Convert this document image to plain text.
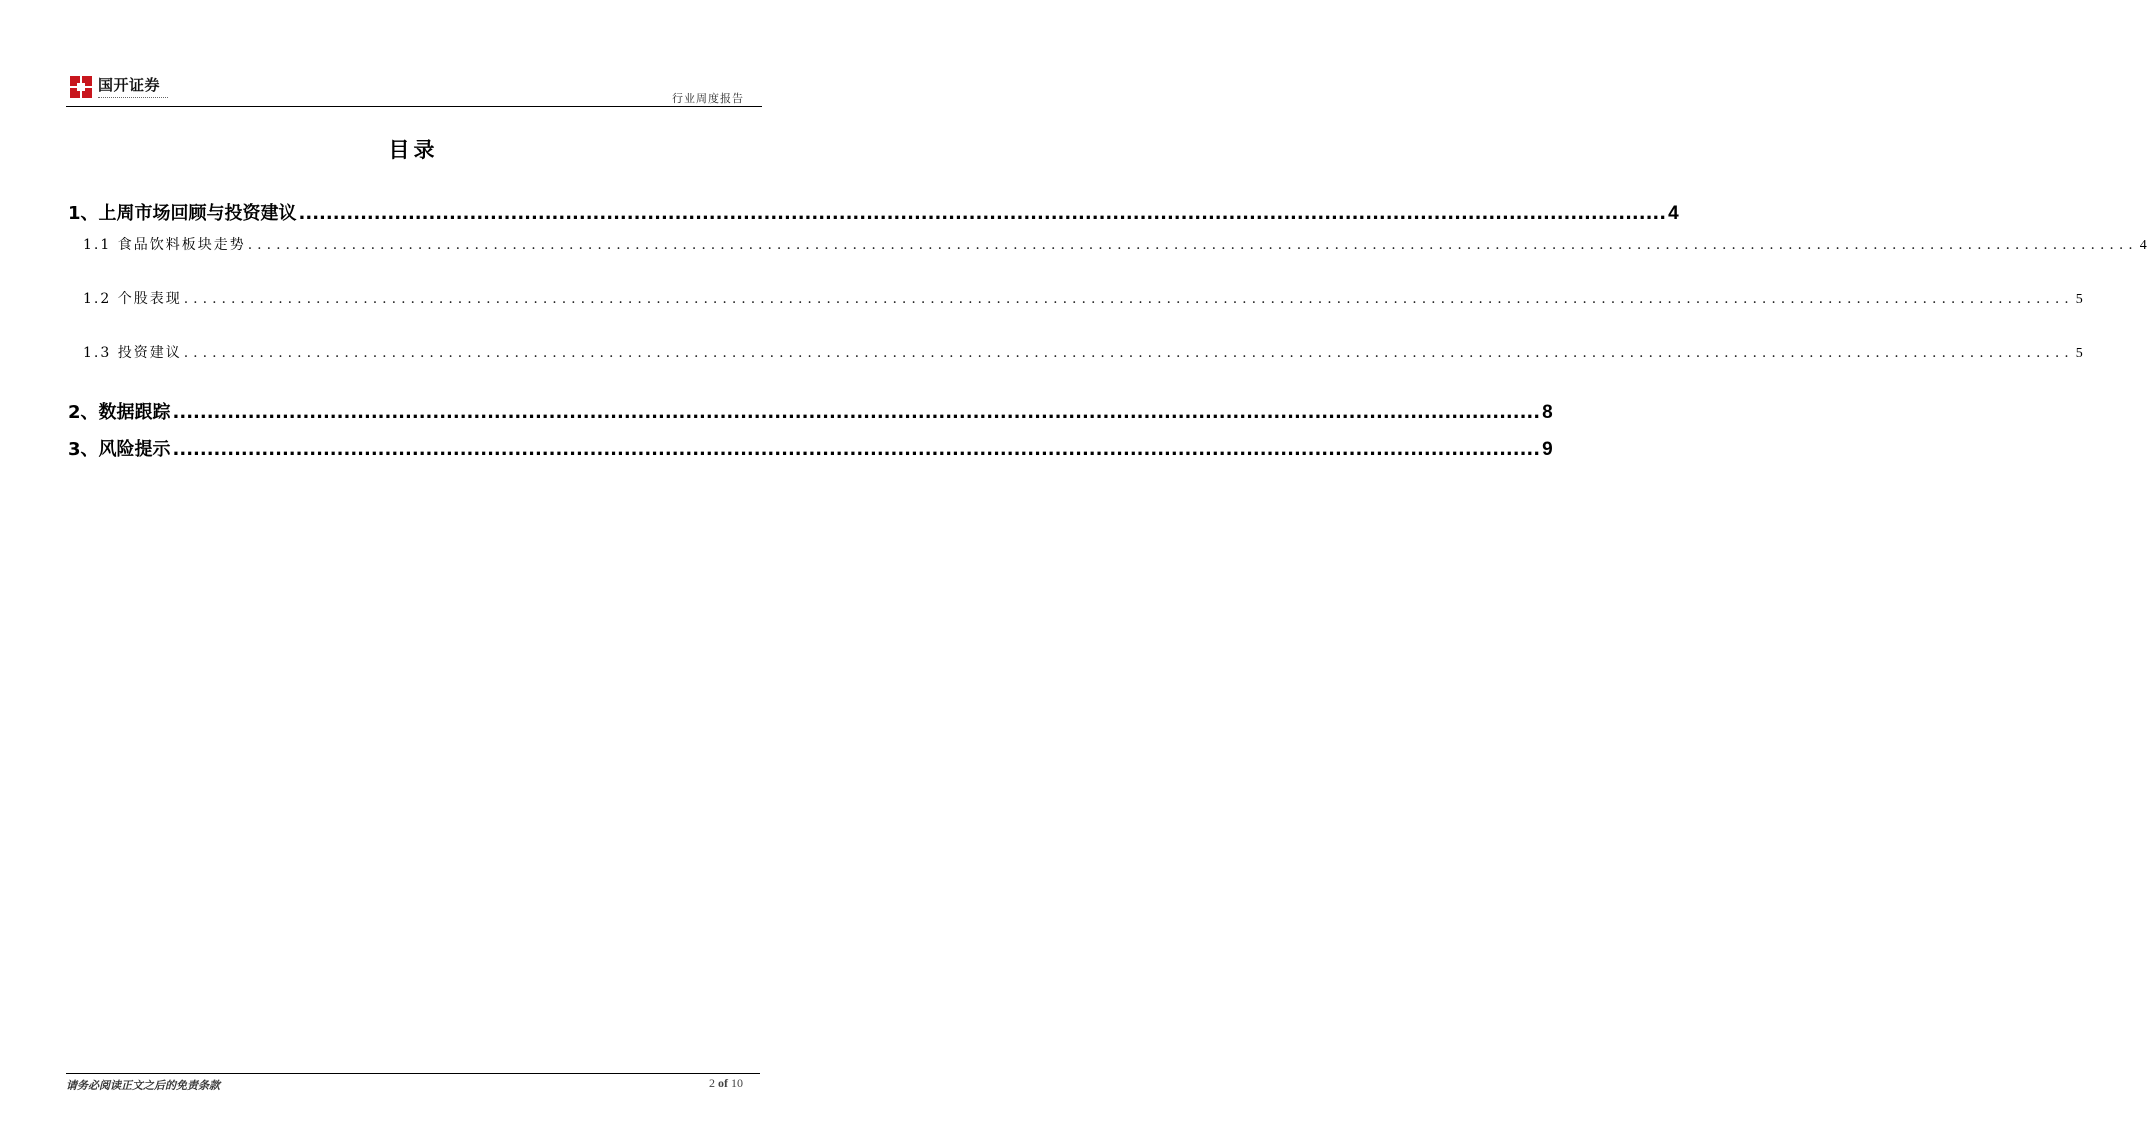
国开证券
行业周度报告
目录
1、上周市场回顾与投资建议 ........................................................................................................................................................................................................ 4
1.1 食品饮料板块走势 ........................................................................................................................................................................................................ 4
1.2 个股表现 ........................................................................................................................................................................................................ 5
1.3 投资建议 ........................................................................................................................................................................................................ 5
2、数据跟踪 ........................................................................................................................................................................................................ 8
3、风险提示 ........................................................................................................................................................................................................ 9
请务必阅读正文之后的免责条款	2 of 10
